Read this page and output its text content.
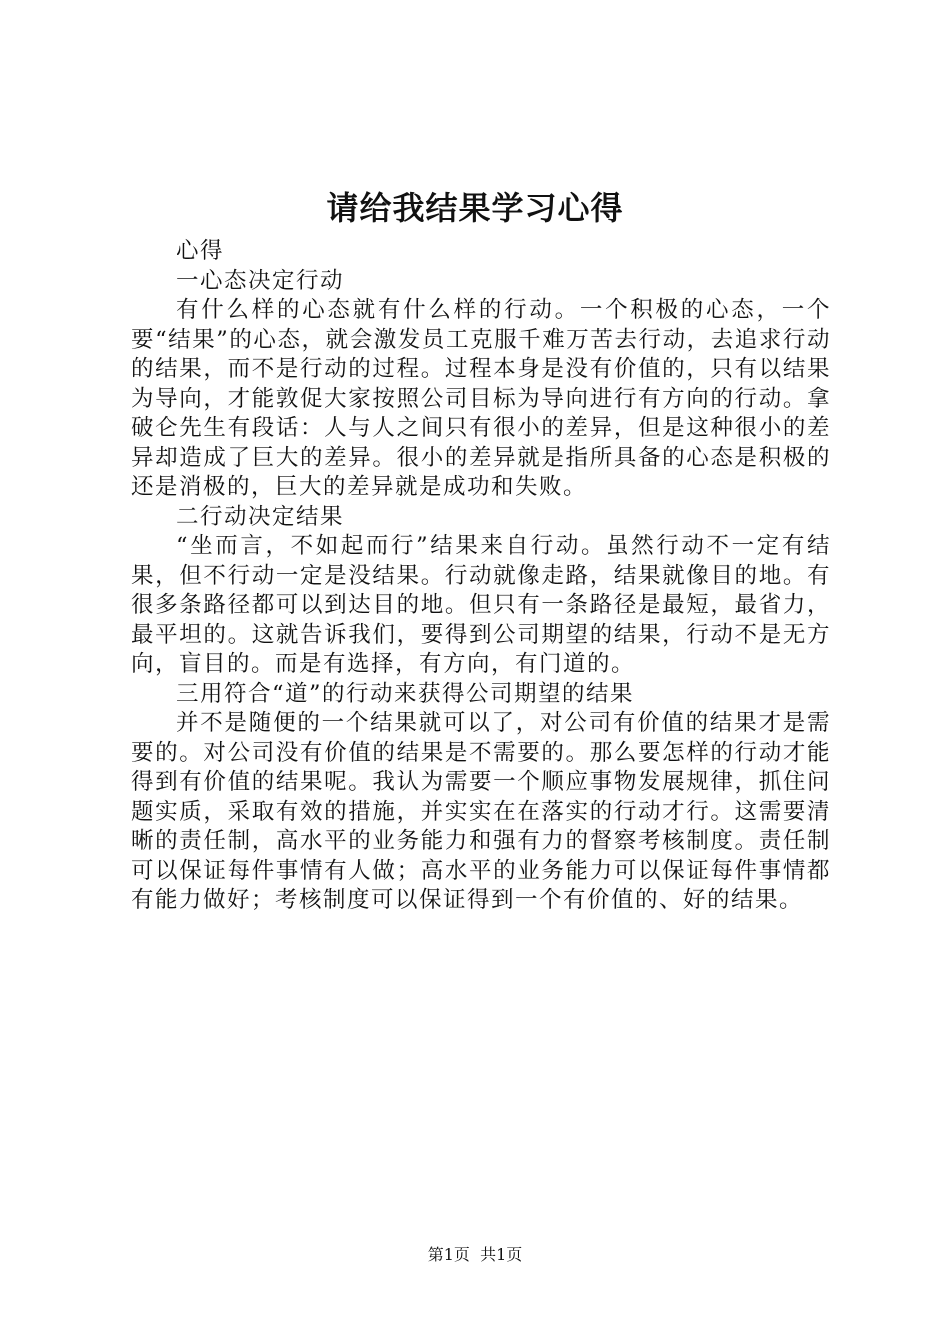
请给我结果学习心得

心得

一心态决定行动

有什么样的心态就有什么样的行动。一个积极的心态，一个要“结果”的心态，就会激发员工克服千难万苦去行动，去追求行动的结果，而不是行动的过程。过程本身是没有价值的，只有以结果为导向，才能敦促大家按照公司目标为导向进行有方向的行动。拿破仑先生有段话：人与人之间只有很小的差异，但是这种很小的差异却造成了巨大的差异。很小的差异就是指所具备的心态是积极的还是消极的，巨大的差异就是成功和失败。

二行动决定结果

“坐而言，不如起而行”结果来自行动。虽然行动不一定有结果，但不行动一定是没结果。行动就像走路，结果就像目的地。有很多条路径都可以到达目的地。但只有一条路径是最短，最省力，最平坦的。这就告诉我们，要得到公司期望的结果，行动不是无方向，盲目的。而是有选择，有方向，有门道的。

三用符合“道”的行动来获得公司期望的结果

并不是随便的一个结果就可以了，对公司有价值的结果才是需要的。对公司没有价值的结果是不需要的。那么要怎样的行动才能得到有价值的结果呢。我认为需要一个顺应事物发展规律，抓住问题实质，采取有效的措施，并实实在在落实的行动才行。这需要清晰的责任制，高水平的业务能力和强有力的督察考核制度。责任制可以保证每件事情有人做；高水平的业务能力可以保证每件事情都有能力做好；考核制度可以保证得到一个有价值的、好的结果。

第1页 共1页
